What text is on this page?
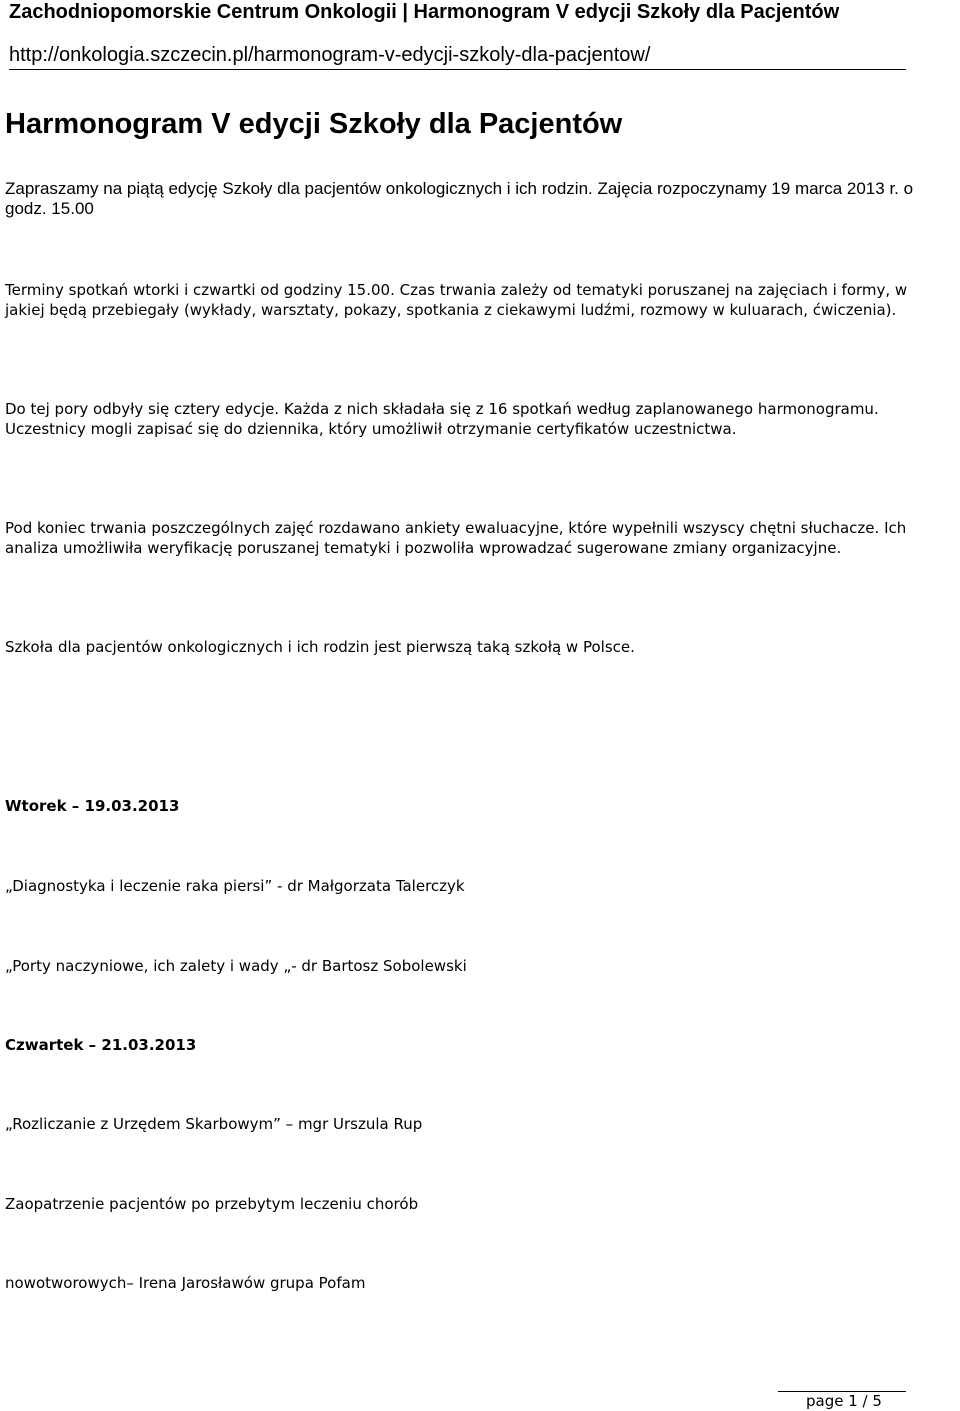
Zachodniopomorskie Centrum Onkologii | Harmonogram V edycji Szkoły dla Pacjentów
http://onkologia.szczecin.pl/harmonogram-v-edycji-szkoly-dla-pacjentow/
Harmonogram V edycji Szkoły dla Pacjentów
Zapraszamy na piątą edycję Szkoły dla pacjentów onkologicznych i ich rodzin. Zajęcia rozpoczynamy 19 marca 2013 r. o godz. 15.00
Terminy spotkań wtorki i czwartki od godziny 15.00. Czas trwania zależy od tematyki poruszanej na zajęciach i formy, w jakiej będą przebiegały (wykłady, warsztaty, pokazy, spotkania z ciekawymi ludźmi, rozmowy w kuluarach, ćwiczenia).
Do tej pory odbyły się cztery edycje. Każda z nich składała się z 16 spotkań według zaplanowanego harmonogramu. Uczestnicy mogli zapisać się do dziennika, który umożliwił otrzymanie certyfikatów uczestnictwa.
Pod koniec trwania poszczególnych zajęć rozdawano ankiety ewaluacyjne, które wypełnili wszyscy chętni słuchacze. Ich analiza umożliwiła weryfikację poruszanej tematyki i pozwoliła wprowadzać sugerowane zmiany organizacyjne.
Szkoła dla pacjentów onkologicznych i ich rodzin jest pierwszą taką szkołą w Polsce.
Wtorek – 19.03.2013
„Diagnostyka i leczenie raka piersi” - dr Małgorzata Talerczyk
„Porty naczyniowe, ich zalety i wady „- dr Bartosz Sobolewski
Czwartek – 21.03.2013
„Rozliczanie z Urzędem Skarbowym” – mgr Urszula Rup
Zaopatrzenie pacjentów po przebytym leczeniu chorób
nowotworowych– Irena Jarosławów grupa Pofam
page 1 / 5
